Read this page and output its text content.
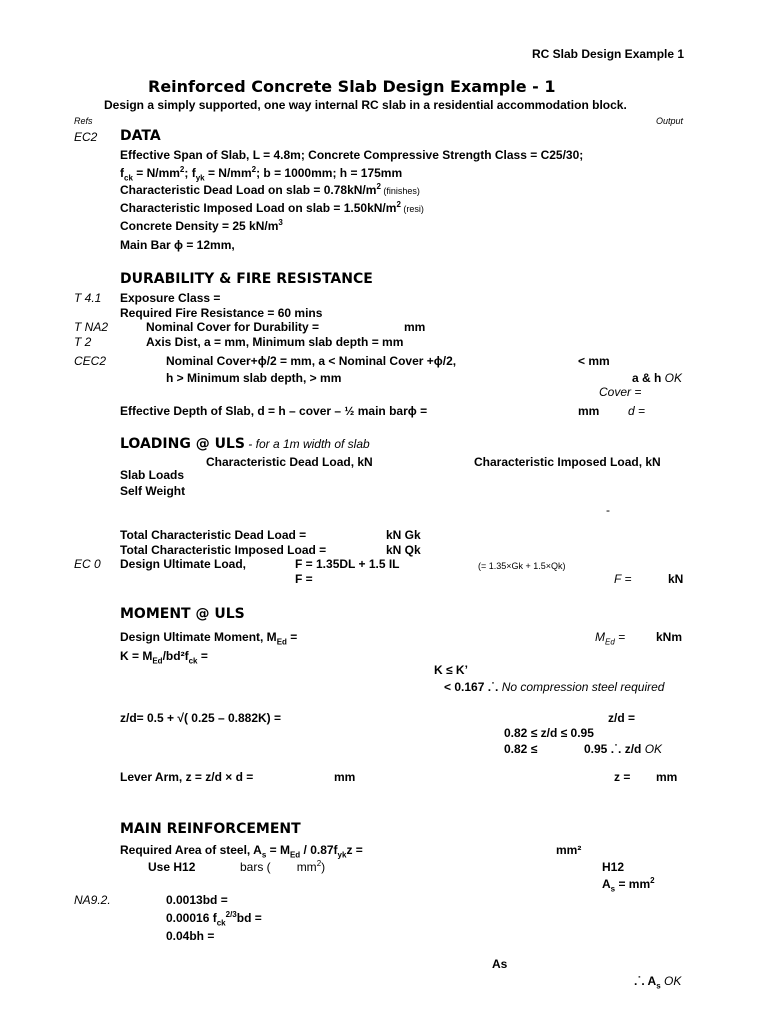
RC Slab Design Example 1
Reinforced Concrete Slab Design Example - 1
Design a simply supported, one way internal RC slab in a residential accommodation block.
Refs	Output
EC2 DATA
Effective Span of Slab, L = 4.8m; Concrete Compressive Strength Class = C25/30;
$f_{ck} = N/mm^2$; $f_{yk} = N/mm^2$; b = 1000mm; h = 175mm
Characteristic Dead Load on slab = $0.78kN/m^2$ (finishes)
Characteristic Imposed Load on slab = $1.50kN/m^2$ (resi)
Concrete Density = 25 $kN/m^3$
Main Bar ϕ = 12mm,
DURABILITY & FIRE RESISTANCE
T 4.1 Exposure Class =
Required Fire Resistance = 60 mins
T NA2	Nominal Cover for Durability =	mm
T 2	Axis Dist, a = mm, Minimum slab depth = mm
CEC2	Nominal Cover+ϕ/2 = mm, a < Nominal Cover +ϕ/2,	< mm
h > Minimum slab depth, > mm	a & h OK
Cover =
Effective Depth of Slab, d = h – cover – ½ main barϕ =	mm d =
LOADING @ ULS - for a 1m width of slab
Characteristic Dead Load, kN	Characteristic Imposed Load, kN
Slab Loads
Self Weight
-
Total Characteristic Dead Load =	kN Gk
Total Characteristic Imposed Load =	kN Qk
EC 0 Design Ultimate Load,	F = 1.35DL + 1.5 IL	(= 1.35×Gk + 1.5×Qk)
F =	F =	kN
MOMENT @ ULS
Design Ultimate Moment, $M_{Ed}$ =	$M_{Ed}$ =	kNm
$K = M_{Ed}/bd^2f_{ck}$ =
K ≤ K’
< 0.167 .˙. No compression steel required
z/d= 0.5 + √( 0.25 – 0.882K) =	z/d =
0.82 ≤ z/d ≤ 0.95
0.82 ≤	0.95 .˙. z/d OK
Lever Arm, z = z/d × d =	mm	z = mm
MAIN REINFORCEMENT
Required Area of steel, $A_s = M_{Ed} / 0.87f_{yk}z$ =	mm²
Use H12	bars ( $mm^2$)	H12
$A_s = mm^2$
NA9.2.	0.0013bd =
0.00016 $f_{ck}^{2/3}bd$ =
0.04bh =
As
.˙. $A_s$ OK
